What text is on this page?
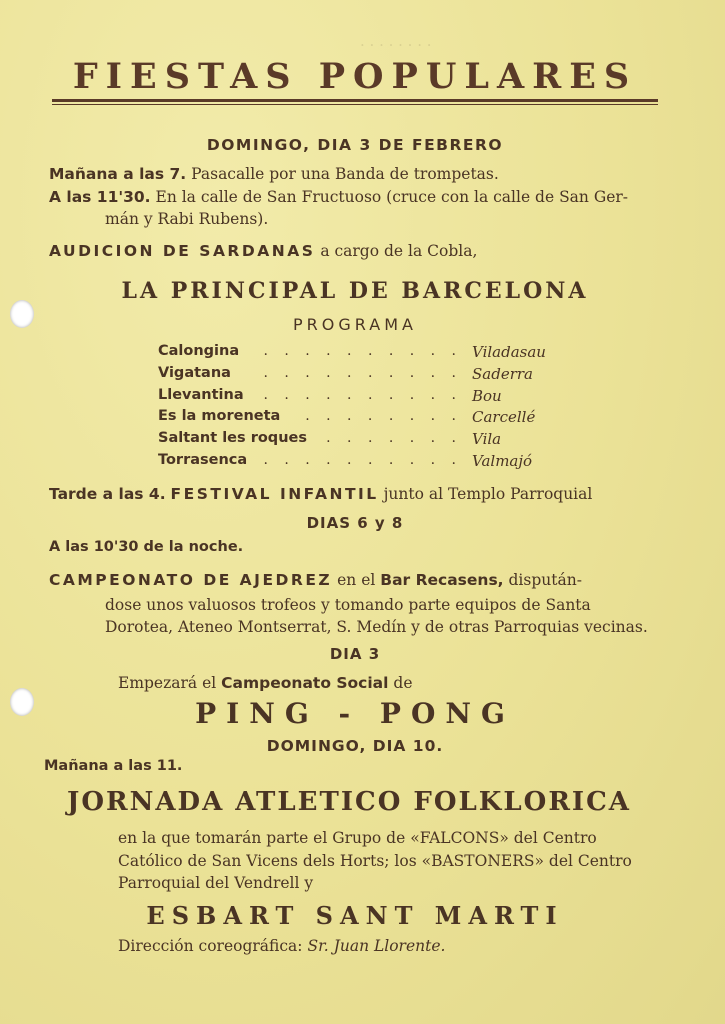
. . . . . . . .
FIESTAS POPULARES
DOMINGO, DIA 3 DE FEBRERO
Mañana a las 7. Pasacalle por una Banda de trompetas.
A las 11'30. En la calle de San Fructuoso (cruce con la calle de San Ger-
mán y Rabi Rubens).
AUDICION DE SARDANAS a cargo de la Cobla,
LA PRINCIPAL DE BARCELONA
PROGRAMA
Calongina . . . . . . . . . . Viladasau
Vigatana . . . . . . . . . . Saderra
Llevantina . . . . . . . . . . Bou
Es la moreneta . . . . . . . . Carcellé
Saltant les roques . . . . . . . Vila
Torrasenca . . . . . . . . . . Valmajó
Tarde a las 4. FESTIVAL INFANTIL junto al Templo Parroquial
DIAS 6 y 8
A las 10'30 de la noche.
CAMPEONATO DE AJEDREZ en el Bar Recasens, dispután-
dose unos valuosos trofeos y tomando parte equipos de Santa
Dorotea, Ateneo Montserrat, S. Medín y de otras Parroquias vecinas.
DIA 3
Empezará el Campeonato Social de
PING - PONG
DOMINGO, DIA 10.
Mañana a las 11.
JORNADA ATLETICO FOLKLORICA
en la que tomarán parte el Grupo de «FALCONS» del Centro
Católico de San Vicens dels Horts; los «BASTONERS» del Centro
Parroquial del Vendrell y
ESBART SANT MARTI
Dirección coreográfica: Sr. Juan Llorente.
